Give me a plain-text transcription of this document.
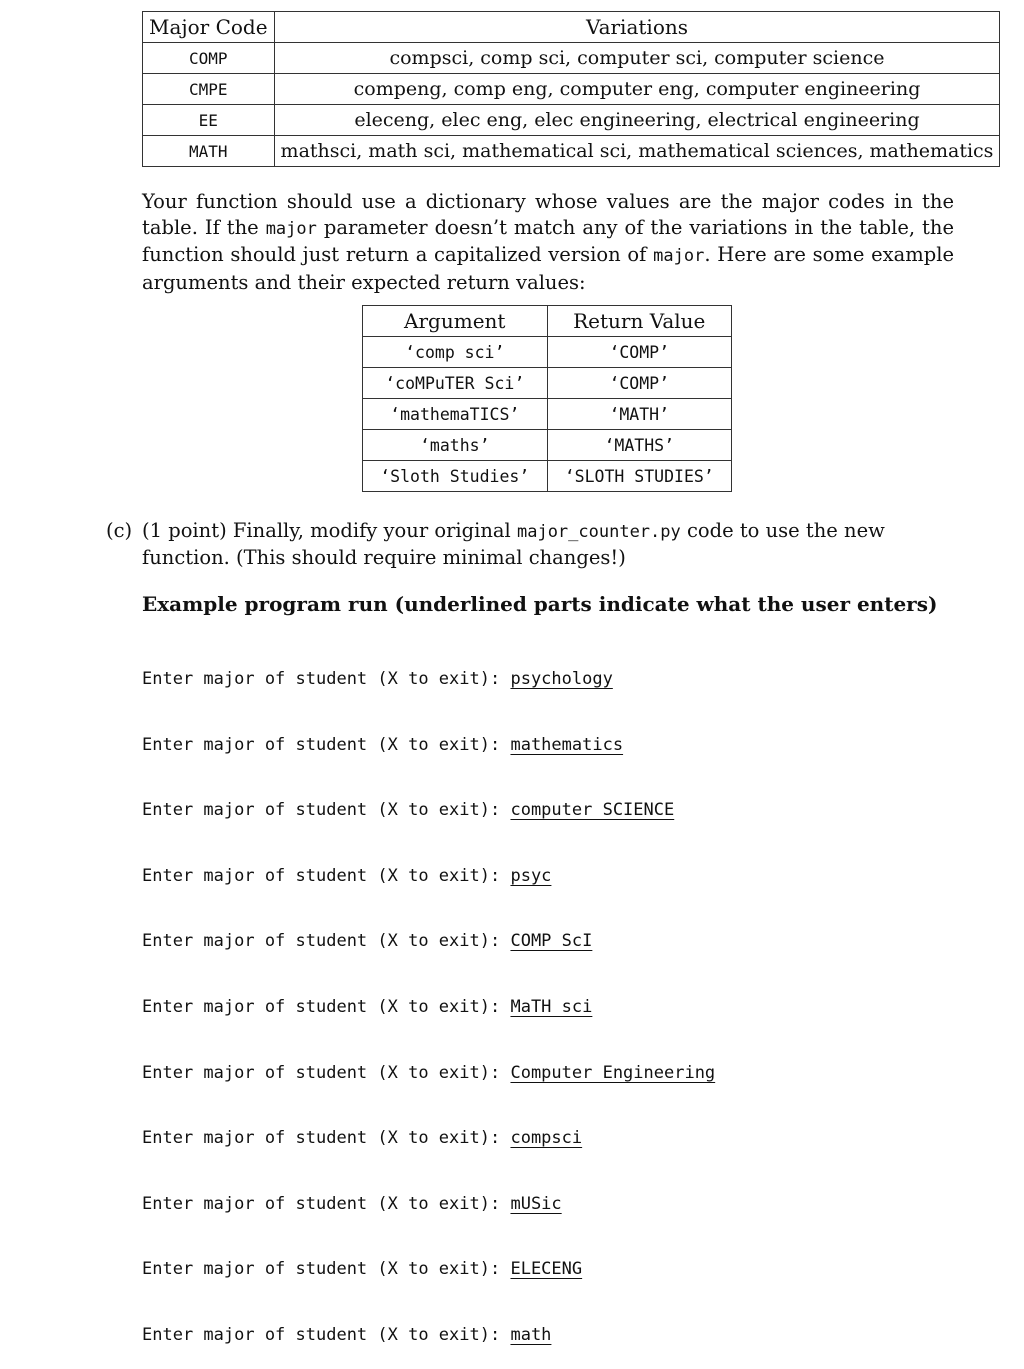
Major Code	Variations
COMP	compsci, comp sci, computer sci, computer science
CMPE	compeng, comp eng, computer eng, computer engineering
EE	eleceng, elec eng, elec engineering, electrical engineering
MATH	mathsci, math sci, mathematical sci, mathematical sciences, mathematics

Your function should use a dictionary whose values are the major codes in the table. If the major parameter doesn’t match any of the variations in the table, the function should just return a capitalized version of major. Here are some example arguments and their expected return values:

Argument	Return Value
‘comp sci’	‘COMP’
‘coMPuTER Sci’	‘COMP’
‘mathemaTICS’	‘MATH’
‘maths’	‘MATHS’
‘Sloth Studies’	‘SLOTH STUDIES’
(c) (1 point) Finally, modify your original major_counter.py code to use the new function. (This should require minimal changes!)
Example program run (underlined parts indicate what the user enters)

Enter major of student (X to exit): psychology

Enter major of student (X to exit): mathematics

Enter major of student (X to exit): computer SCIENCE

Enter major of student (X to exit): psyc

Enter major of student (X to exit): COMP ScI

Enter major of student (X to exit): MaTH sci

Enter major of student (X to exit): Computer Engineering

Enter major of student (X to exit): compsci

Enter major of student (X to exit): mUSic

Enter major of student (X to exit): ELECENG

Enter major of student (X to exit): math
